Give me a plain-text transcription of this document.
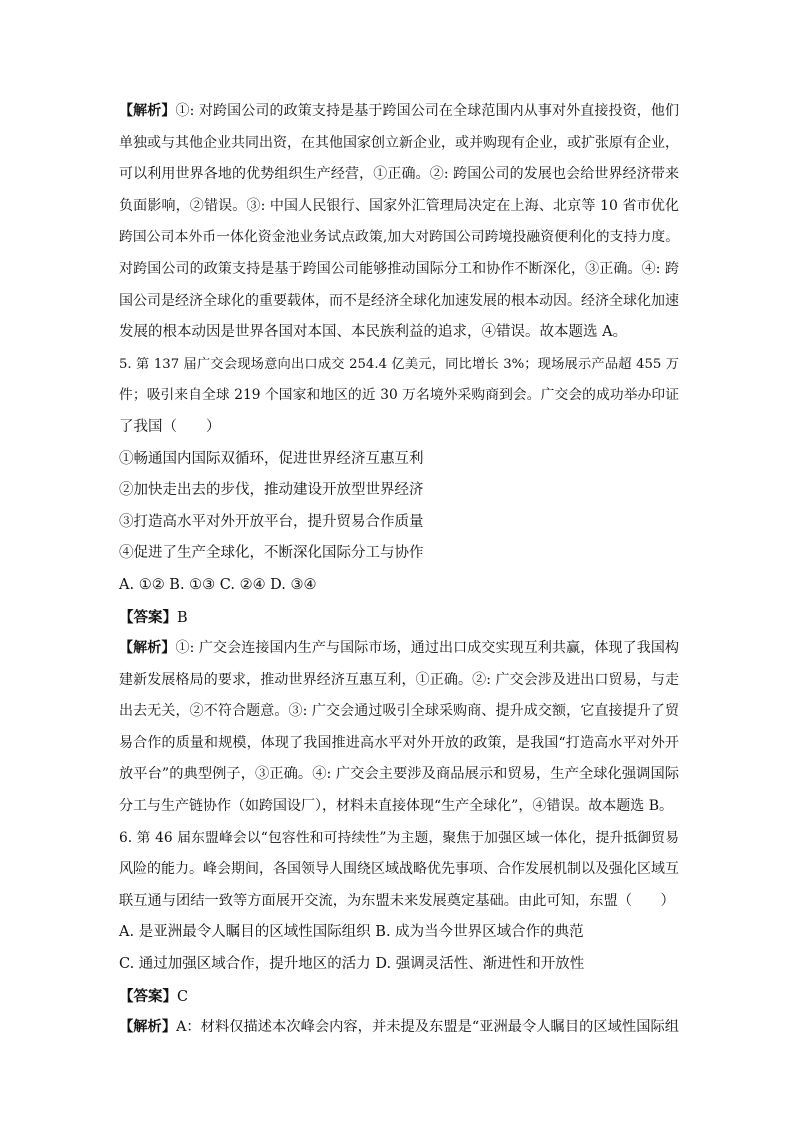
【解析】①: 对跨国公司的政策支持是基于跨国公司在全球范围内从事对外直接投资，他们
单独或与其他企业共同出资，在其他国家创立新企业，或并购现有企业，或扩张原有企业，
可以利用世界各地的优势组织生产经营，①正确。②: 跨国公司的发展也会给世界经济带来
负面影响，②错误。③: 中国人民银行、国家外汇管理局决定在上海、北京等 10 省市优化
跨国公司本外币一体化资金池业务试点政策,加大对跨国公司跨境投融资便利化的支持力度。
对跨国公司的政策支持是基于跨国公司能够推动国际分工和协作不断深化，③正确。④: 跨
国公司是经济全球化的重要载体，而不是经济全球化加速发展的根本动因。经济全球化加速
发展的根本动因是世界各国对本国、本民族利益的追求，④错误。故本题选 A。
5. 第 137 届广交会现场意向出口成交 254.4 亿美元，同比增长 3%；现场展示产品超 455 万
件；吸引来自全球 219 个国家和地区的近 30 万名境外采购商到会。广交会的成功举办印证
了我国（　　）
①畅通国内国际双循环，促进世界经济互惠互利
②加快走出去的步伐，推动建设开放型世界经济
③打造高水平对外开放平台，提升贸易合作质量
④促进了生产全球化，不断深化国际分工与协作
A. ①② B. ①③ C. ②④ D. ③④
【答案】B
【解析】①: 广交会连接国内生产与国际市场，通过出口成交实现互利共赢，体现了我国构
建新发展格局的要求，推动世界经济互惠互利，①正确。②: 广交会涉及进出口贸易，与走
出去无关，②不符合题意。③: 广交会通过吸引全球采购商、提升成交额，它直接提升了贸
易合作的质量和规模，体现了我国推进高水平对外开放的政策，是我国“打造高水平对外开
放平台”的典型例子，③正确。④: 广交会主要涉及商品展示和贸易，生产全球化强调国际
分工与生产链协作（如跨国设厂），材料未直接体现“生产全球化”，④错误。故本题选 B。
6. 第 46 届东盟峰会以“包容性和可持续性”为主题，聚焦于加强区域一体化，提升抵御贸易
风险的能力。峰会期间，各国领导人围绕区域战略优先事项、合作发展机制以及强化区域互
联互通与团结一致等方面展开交流，为东盟未来发展奠定基础。由此可知，东盟（　　）
A. 是亚洲最令人瞩目的区域性国际组织 B. 成为当今世界区域合作的典范
C. 通过加强区域合作，提升地区的活力 D. 强调灵活性、渐进性和开放性
【答案】C
【解析】A：材料仅描述本次峰会内容，并未提及东盟是“亚洲最令人瞩目的区域性国际组
